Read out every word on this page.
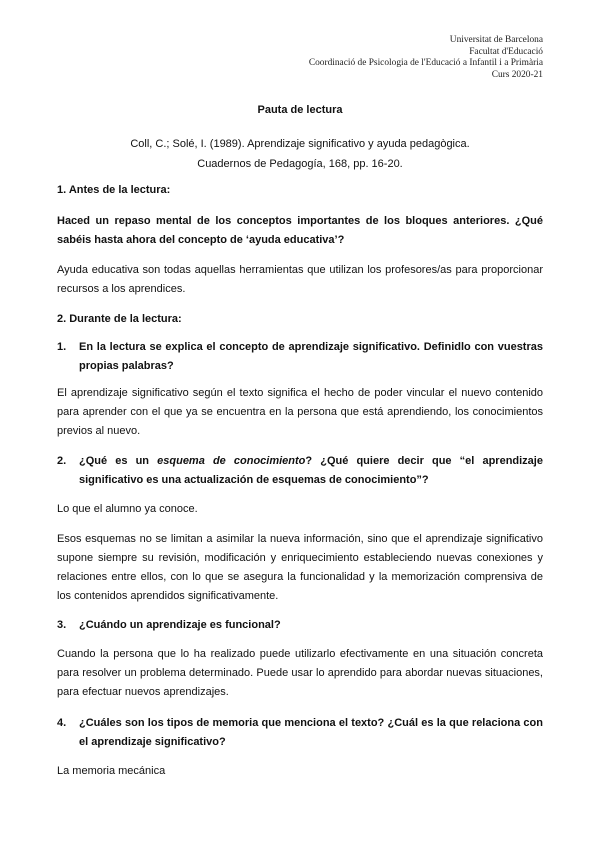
Universitat de Barcelona
Facultat d'Educació
Coordinació de Psicologia de l'Educació a Infantil i a Primària
Curs 2020-21
Pauta de lectura
Coll, C.; Solé, I. (1989). Aprendizaje significativo y ayuda pedagògica.
Cuadernos de Pedagogía, 168, pp. 16-20.
1. Antes de la lectura:
Haced un repaso mental de los conceptos importantes de los bloques anteriores. ¿Qué sabéis hasta ahora del concepto de ‘ayuda educativa’?
Ayuda educativa son todas aquellas herramientas que utilizan los profesores/as para proporcionar recursos a los aprendices.
2. Durante de la lectura:
1. En la lectura se explica el concepto de aprendizaje significativo. Definidlo con vuestras propias palabras?
El aprendizaje significativo según el texto significa el hecho de poder vincular el nuevo contenido para aprender con el que ya se encuentra en la persona que está aprendiendo, los conocimientos previos al nuevo.
2. ¿Qué es un esquema de conocimiento? ¿Qué quiere decir que “el aprendizaje significativo es una actualización de esquemas de conocimiento”?
Lo que el alumno ya conoce.
Esos esquemas no se limitan a asimilar la nueva información, sino que el aprendizaje significativo supone siempre su revisión, modificación y enriquecimiento estableciendo nuevas conexiones y relaciones entre ellos, con lo que se asegura la funcionalidad y la memorización comprensiva de los contenidos aprendidos significativamente.
3. ¿Cuándo un aprendizaje es funcional?
Cuando la persona que lo ha realizado puede utilizarlo efectivamente en una situación concreta para resolver un problema determinado. Puede usar lo aprendido para abordar nuevas situaciones, para efectuar nuevos aprendizajes.
4. ¿Cuáles son los tipos de memoria que menciona el texto? ¿Cuál es la que relaciona con el aprendizaje significativo?
La memoria mecánica
